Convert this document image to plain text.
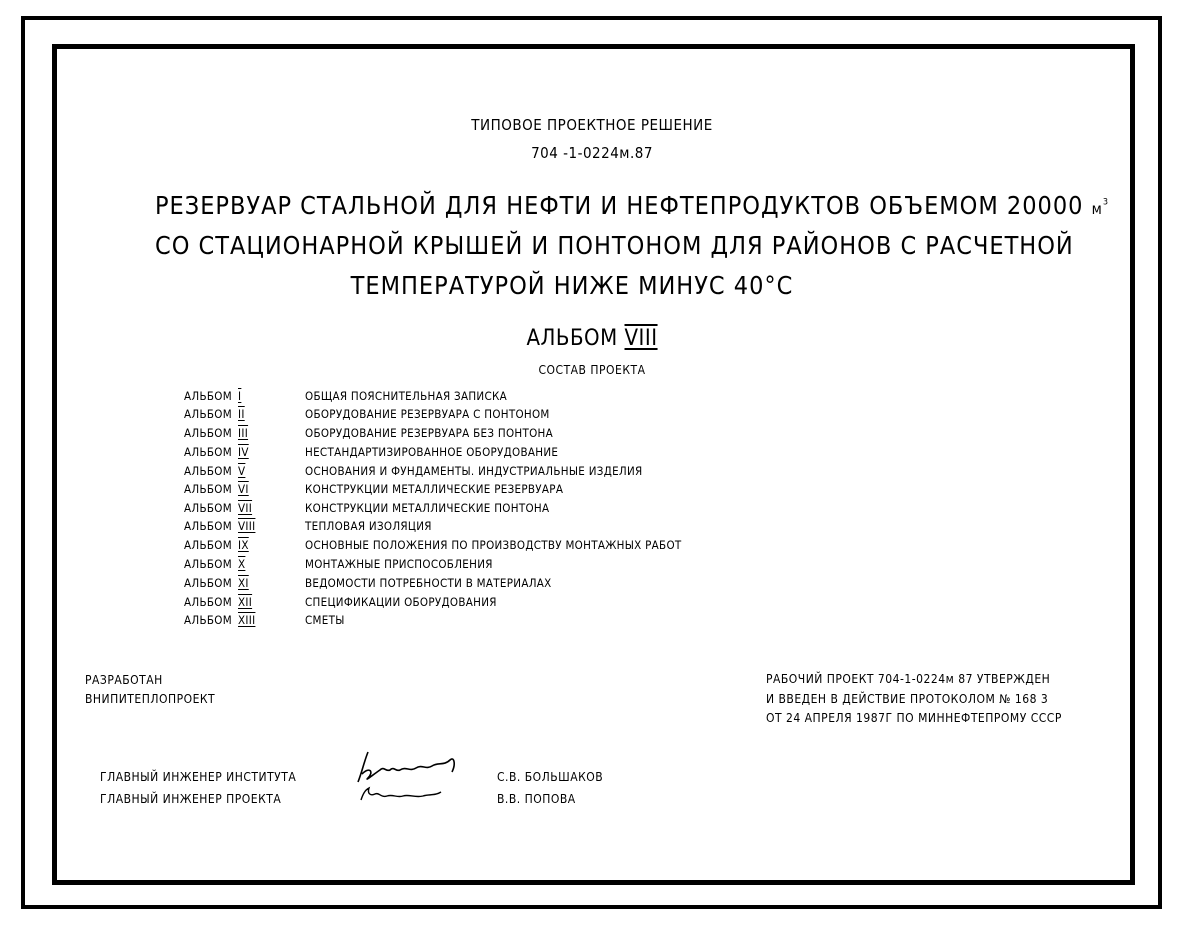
ТИПОВОЕ ПРОЕКТНОЕ РЕШЕНИЕ
704 -1-0224м.87
РЕЗЕРВУАР СТАЛЬНОЙ ДЛЯ НЕФТИ И НЕФТЕПРОДУКТОВ ОБЪЕМОМ 20000 $м^3$
СО СТАЦИОНАРНОЙ КРЫШЕЙ И ПОНТОНОМ ДЛЯ РАЙОНОВ С РАСЧЕТНОЙ
ТЕМПЕРАТУРОЙ НИЖЕ МИНУС 40°С
АЛЬБОМ VIII
СОСТАВ ПРОЕКТА
АЛЬБОМ I	ОБЩАЯ ПОЯСНИТЕЛЬНАЯ ЗАПИСКА
АЛЬБОМ II	ОБОРУДОВАНИЕ РЕЗЕРВУАРА С ПОНТОНОМ
АЛЬБОМ III	ОБОРУДОВАНИЕ РЕЗЕРВУАРА БЕЗ ПОНТОНА
АЛЬБОМ IV	НЕСТАНДАРТИЗИРОВАННОЕ ОБОРУДОВАНИЕ
АЛЬБОМ V	ОСНОВАНИЯ И ФУНДАМЕНТЫ. ИНДУСТРИАЛЬНЫЕ ИЗДЕЛИЯ
АЛЬБОМ VI	КОНСТРУКЦИИ МЕТАЛЛИЧЕСКИЕ РЕЗЕРВУАРА
АЛЬБОМ VII	КОНСТРУКЦИИ МЕТАЛЛИЧЕСКИЕ ПОНТОНА
АЛЬБОМ VIII	ТЕПЛОВАЯ ИЗОЛЯЦИЯ
АЛЬБОМ IX	ОСНОВНЫЕ ПОЛОЖЕНИЯ ПО ПРОИЗВОДСТВУ МОНТАЖНЫХ РАБОТ
АЛЬБОМ X	МОНТАЖНЫЕ ПРИСПОСОБЛЕНИЯ
АЛЬБОМ XI	ВЕДОМОСТИ ПОТРЕБНОСТИ В МАТЕРИАЛАХ
АЛЬБОМ XII	СПЕЦИФИКАЦИИ ОБОРУДОВАНИЯ
АЛЬБОМ XIII	СМЕТЫ
РАЗРАБОТАН
ВНИПИТЕПЛОПРОЕКТ
РАБОЧИЙ ПРОЕКТ 704-1-0224м 87 УТВЕРЖДЕН
И ВВЕДЕН В ДЕЙСТВИЕ ПРОТОКОЛОМ № 168 3
ОТ 24 АПРЕЛЯ 1987Г ПО МИННЕФТЕПРОМУ СССР
ГЛАВНЫЙ ИНЖЕНЕР ИНСТИТУТА
ГЛАВНЫЙ ИНЖЕНЕР ПРОЕКТА
С.В. БОЛЬШАКОВ
В.В. ПОПОВА
